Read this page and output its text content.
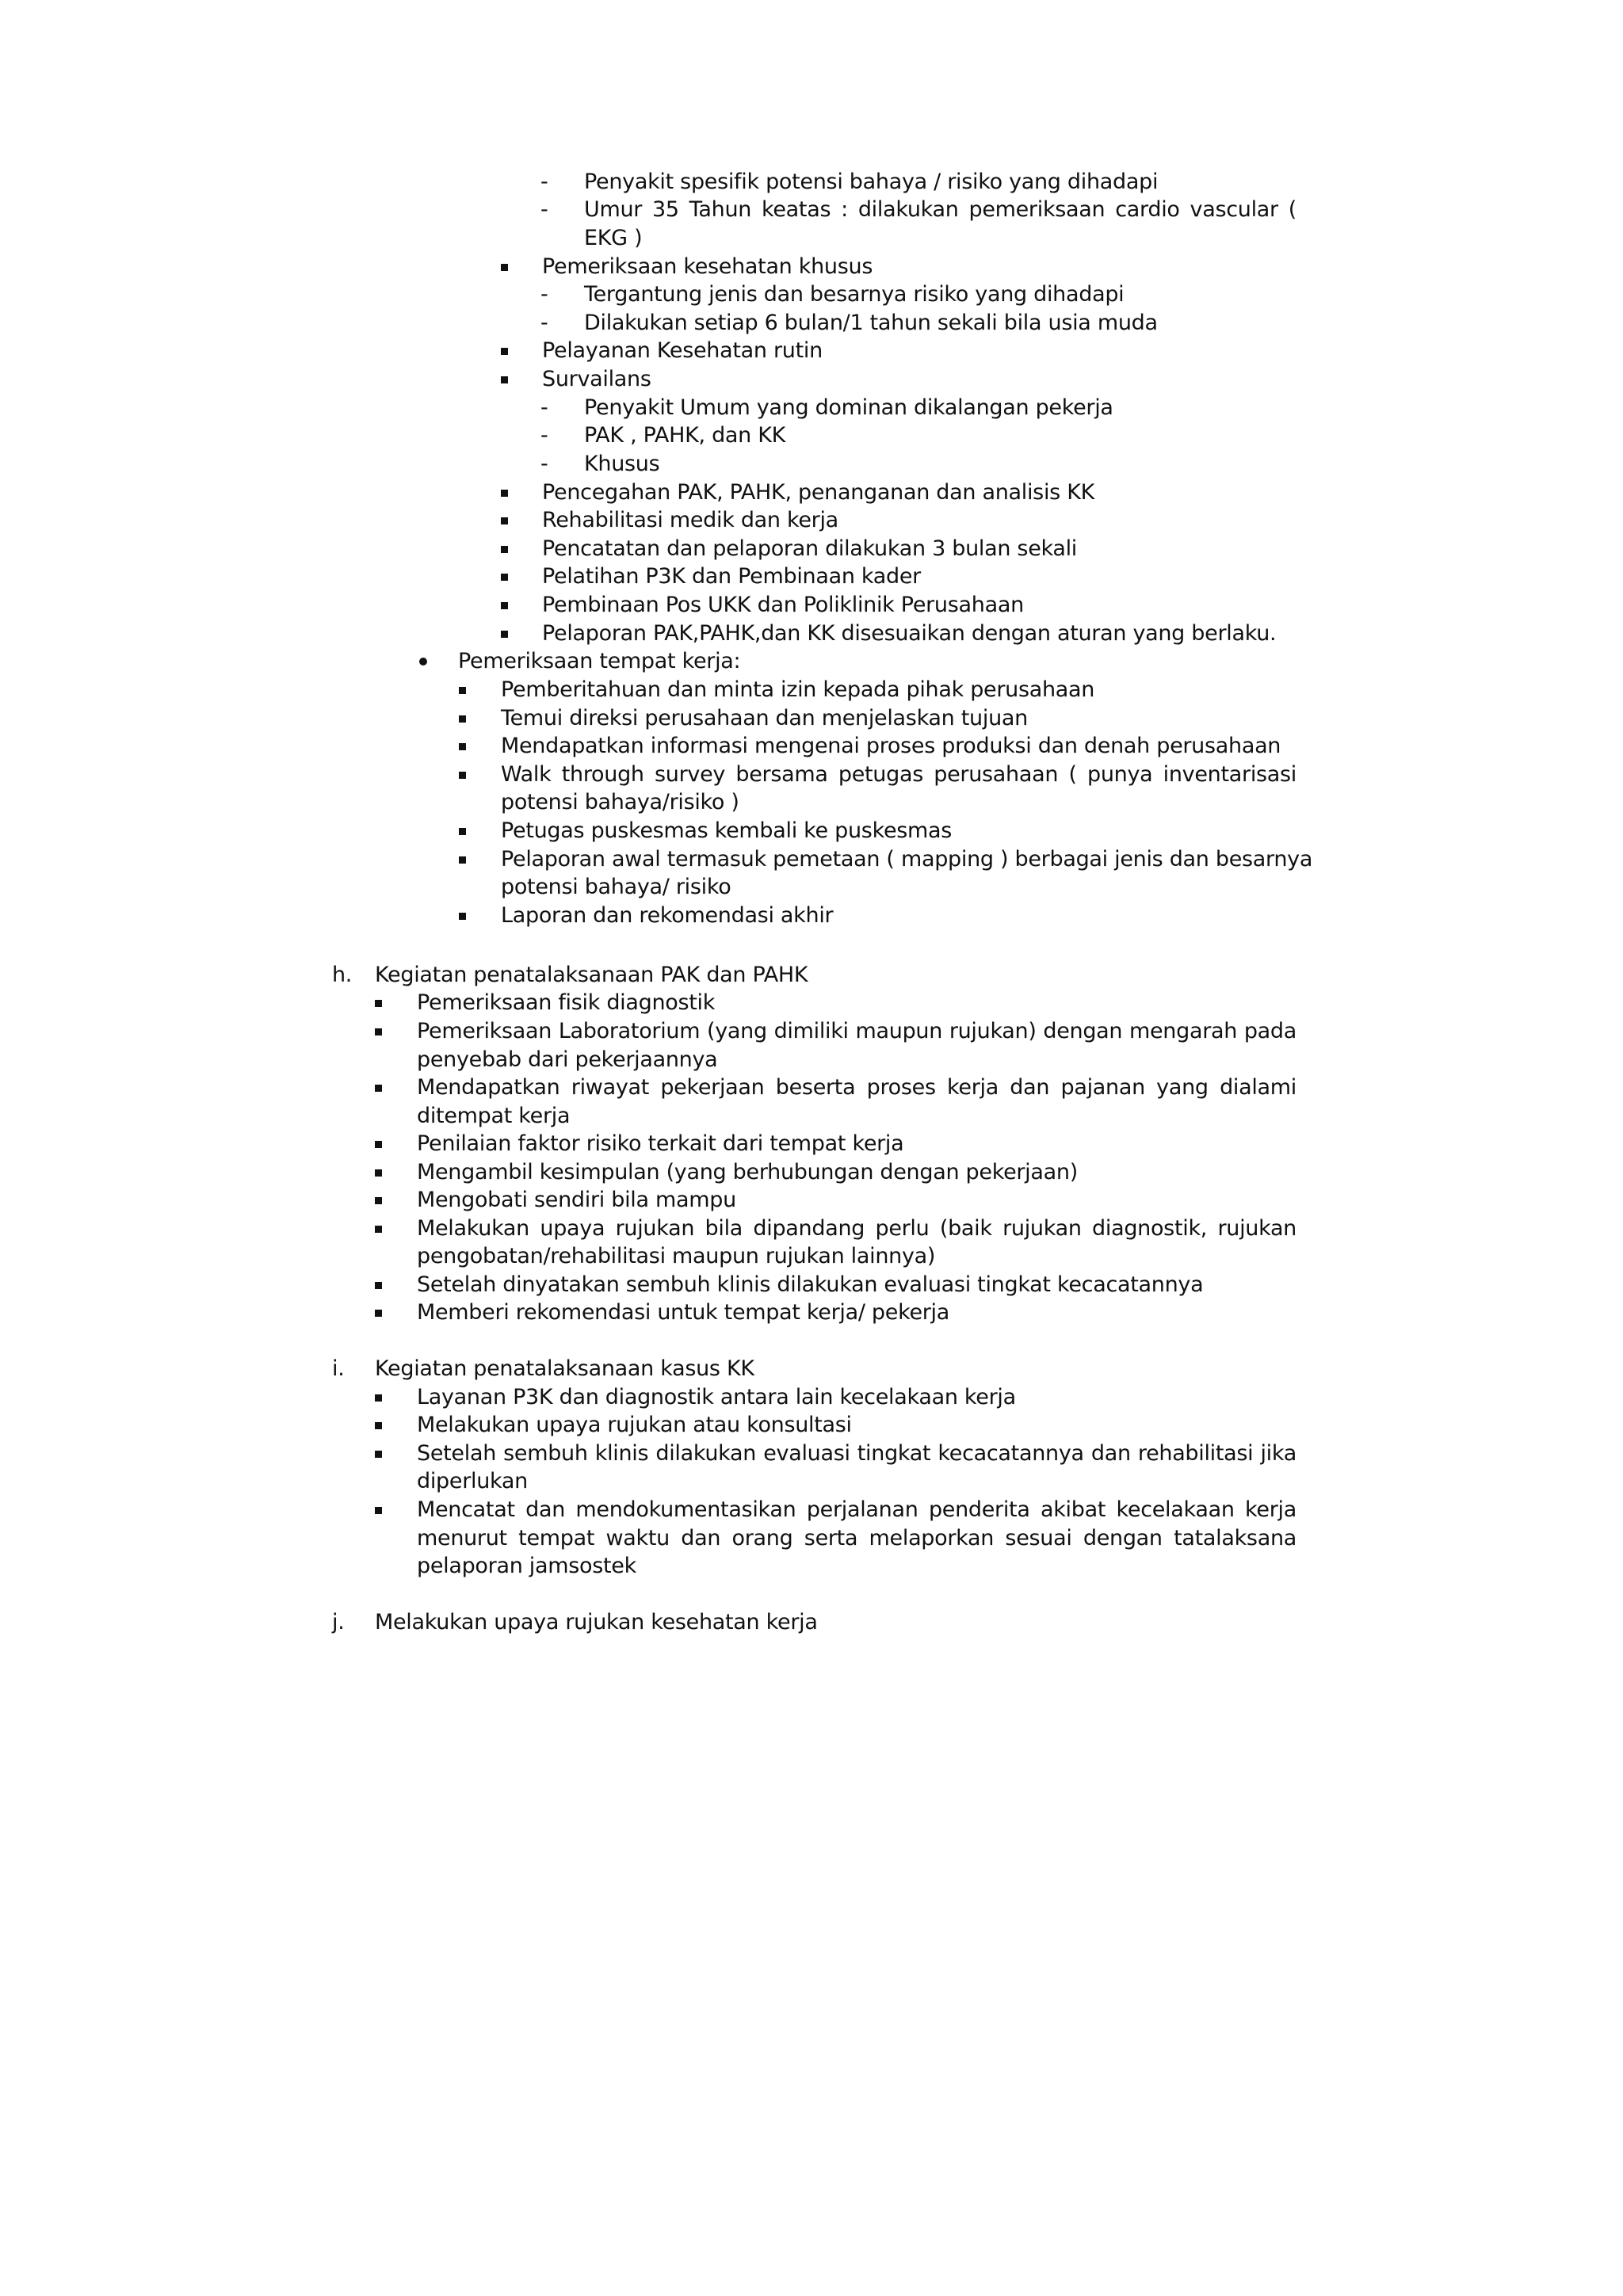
- Penyakit spesifik potensi bahaya / risiko yang dihadapi
- Umur 35 Tahun keatas : dilakukan pemeriksaan cardio vascular (
EKG )
Pemeriksaan kesehatan khusus
- Tergantung jenis dan besarnya risiko yang dihadapi
- Dilakukan setiap 6 bulan/1 tahun sekali bila usia muda
Pelayanan Kesehatan rutin
Survailans
- Penyakit Umum yang dominan dikalangan pekerja
- PAK , PAHK, dan KK
- Khusus
Pencegahan PAK, PAHK, penanganan dan analisis KK
Rehabilitasi medik dan kerja
Pencatatan dan pelaporan dilakukan 3 bulan sekali
Pelatihan P3K dan Pembinaan kader
Pembinaan Pos UKK dan Poliklinik Perusahaan
Pelaporan PAK,PAHK,dan KK disesuaikan dengan aturan yang berlaku.
Pemeriksaan tempat kerja:
Pemberitahuan dan minta izin kepada pihak perusahaan
Temui direksi perusahaan dan menjelaskan tujuan
Mendapatkan informasi mengenai proses produksi dan denah perusahaan
Walk through survey bersama petugas perusahaan ( punya inventarisasi
potensi bahaya/risiko )
Petugas puskesmas kembali ke puskesmas
Pelaporan awal termasuk pemetaan ( mapping ) berbagai jenis dan besarnya
potensi bahaya/ risiko
Laporan dan rekomendasi akhir
h. Kegiatan penatalaksanaan PAK dan PAHK
Pemeriksaan fisik diagnostik
Pemeriksaan Laboratorium (yang dimiliki maupun rujukan) dengan mengarah pada
penyebab dari pekerjaannya
Mendapatkan riwayat pekerjaan beserta proses kerja dan pajanan yang dialami
ditempat kerja
Penilaian faktor risiko terkait dari tempat kerja
Mengambil kesimpulan (yang berhubungan dengan pekerjaan)
Mengobati sendiri bila mampu
Melakukan upaya rujukan bila dipandang perlu (baik rujukan diagnostik, rujukan
pengobatan/rehabilitasi maupun rujukan lainnya)
Setelah dinyatakan sembuh klinis dilakukan evaluasi tingkat kecacatannya
Memberi rekomendasi untuk tempat kerja/ pekerja
i. Kegiatan penatalaksanaan kasus KK
Layanan P3K dan diagnostik antara lain kecelakaan kerja
Melakukan upaya rujukan atau konsultasi
Setelah sembuh klinis dilakukan evaluasi tingkat kecacatannya dan rehabilitasi jika
diperlukan
Mencatat dan mendokumentasikan perjalanan penderita akibat kecelakaan kerja
menurut tempat waktu dan orang serta melaporkan sesuai dengan tatalaksana
pelaporan jamsostek
j. Melakukan upaya rujukan kesehatan kerja
